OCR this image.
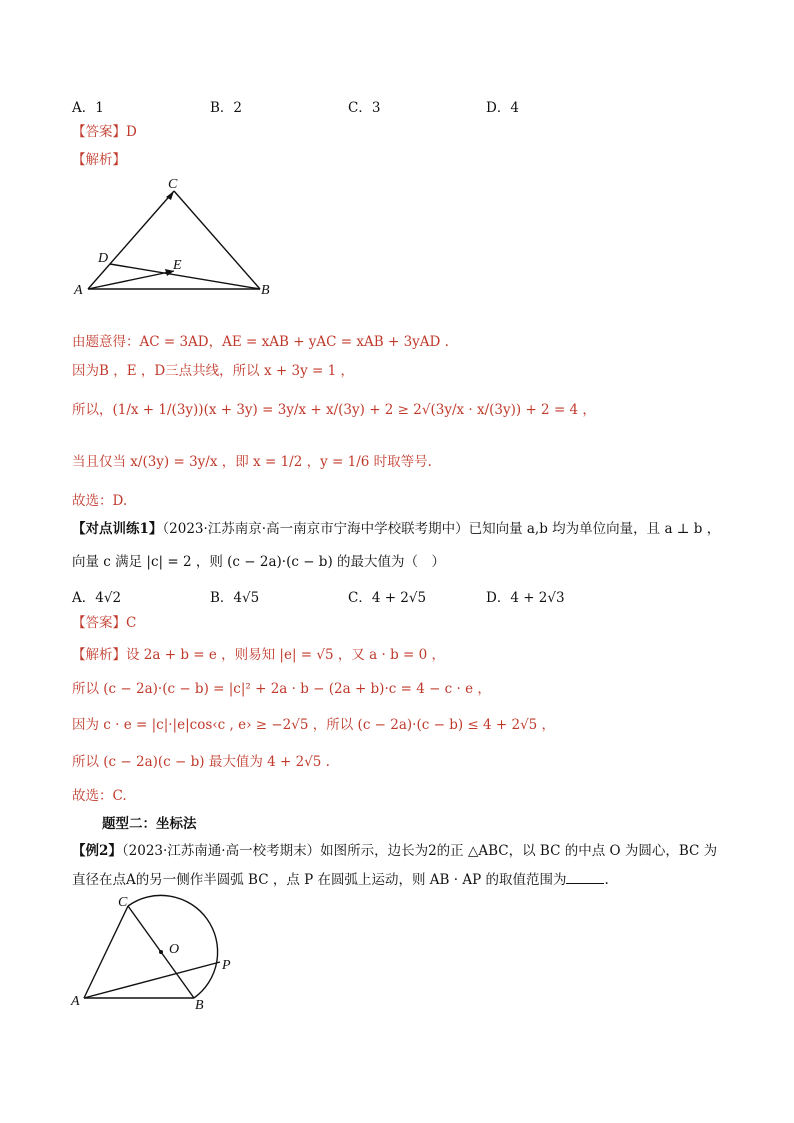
A．1	B．2	C．3	D．4
【答案】D
【解析】
C
D	E
A	B
由题意得：AC = 3AD，AE = xAB + yAC = xAB + 3yAD .
因为B ，E ，D三点共线，所以 x + 3y = 1 ，
所以，(1/x + 1/(3y))(x + 3y) = 3y/x + x/(3y) + 2 ≥ 2√(3y/x · x/(3y)) + 2 = 4 ，
当且仅当 x/(3y) = 3y/x ，即 x = 1/2 ，y = 1/6 时取等号.
故选：D.
【对点训练1】（2023·江苏南京·高一南京市宁海中学校联考期中）已知向量 a,b 均为单位向量，且 a ⊥ b ，
向量 c 满足 |c| = 2 ，则 (c − 2a)·(c − b) 的最大值为（　）
A．4√2	B．4√5	C．4 + 2√5	D．4 + 2√3
【答案】C
【解析】设 2a + b = e ，则易知 |e| = √5 ，又 a · b = 0 ，
所以 (c − 2a)·(c − b) = |c|² + 2a · b − (2a + b)·c = 4 − c · e ，
因为 c · e = |c|·|e|cos‹c , e› ≥ −2√5 ，所以 (c − 2a)·(c − b) ≤ 4 + 2√5 ，
所以 (c − 2a)(c − b) 最大值为 4 + 2√5 .
故选：C.
题型二：坐标法
【例2】（2023·江苏南通·高一校考期末）如图所示，边长为2的正 △ABC，以 BC 的中点 O 为圆心，BC 为
直径在点A的另一侧作半圆弧 BC ，点 P 在圆弧上运动，则 AB · AP 的取值范围为	.
C
O
P
A	B
